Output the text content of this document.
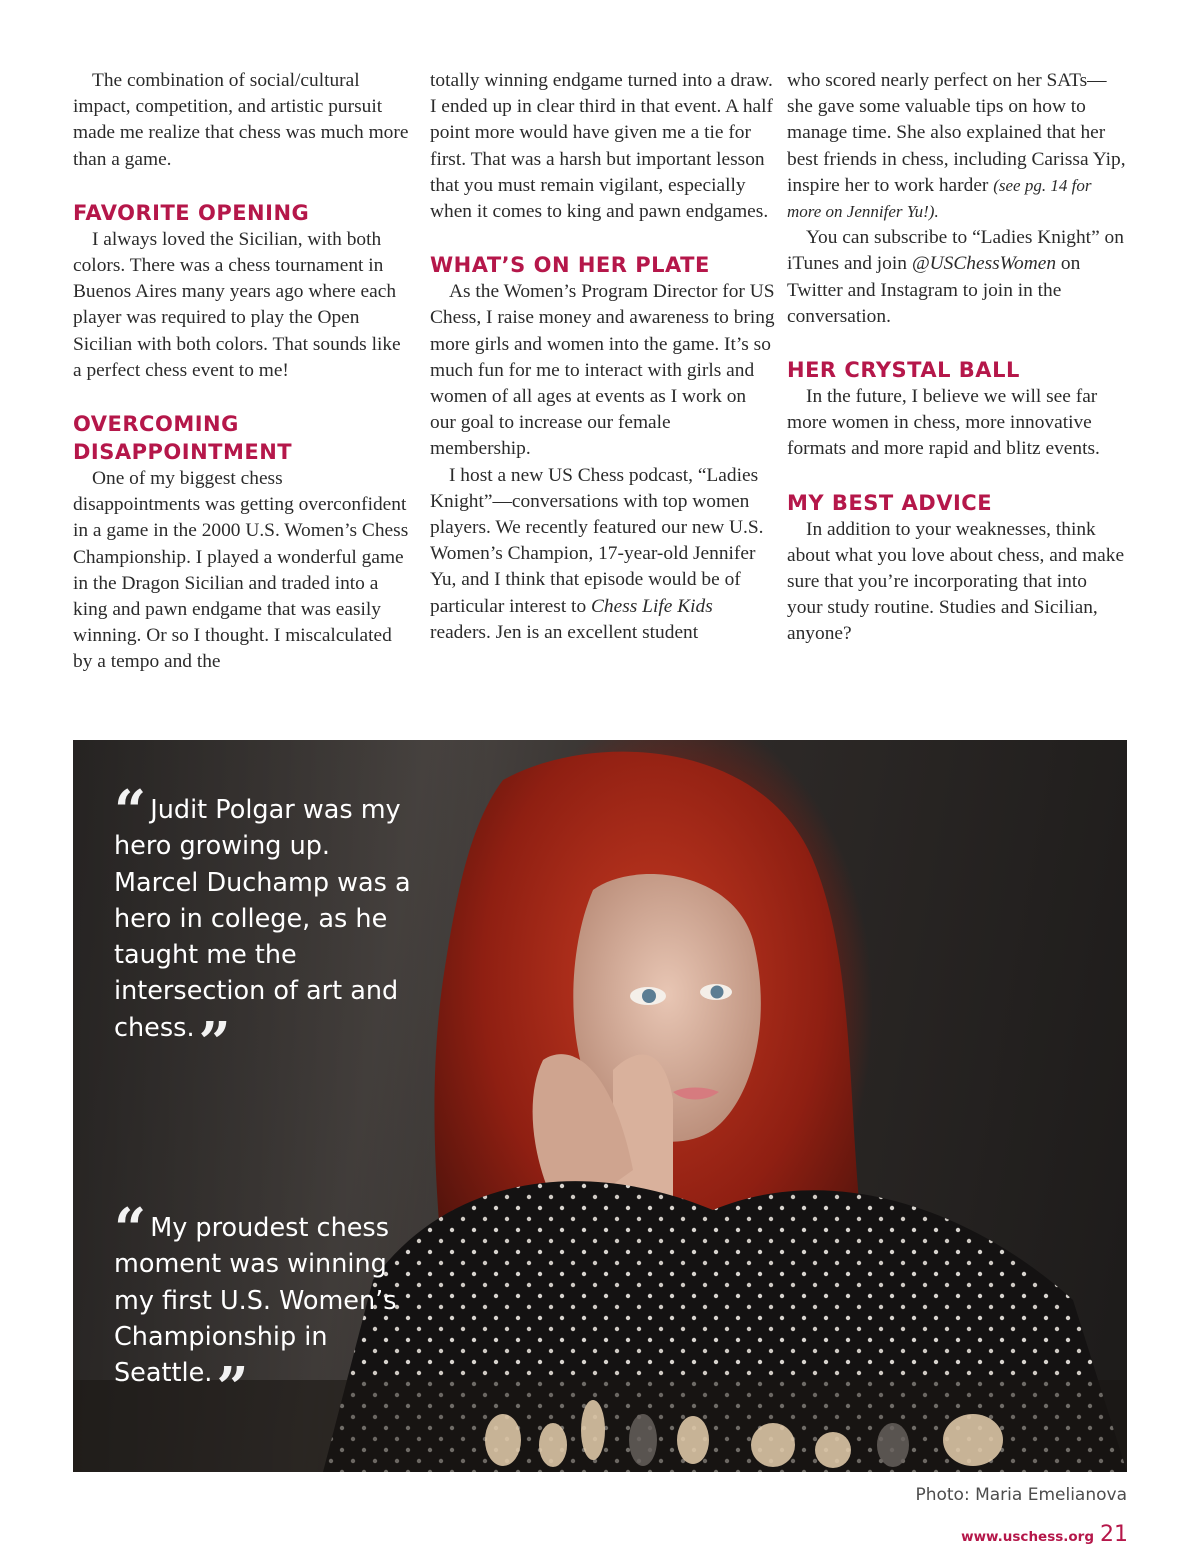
The combination of social/cultural impact, competition, and artistic pursuit made me realize that chess was much more than a game.

FAVORITE OPENING

I always loved the Sicilian, with both colors. There was a chess tournament in Buenos Aires many years ago where each player was required to play the Open Sicilian with both colors. That sounds like a perfect chess event to me!

OVERCOMING DISAPPOINTMENT

One of my biggest chess disappointments was getting overconfident in a game in the 2000 U.S. Women’s Chess Championship. I played a wonderful game in the Dragon Sicilian and traded into a king and pawn endgame that was easily winning. Or so I thought. I miscalculated by a tempo and the

totally winning endgame turned into a draw. I ended up in clear third in that event. A half point more would have given me a tie for first. That was a harsh but important lesson that you must remain vigilant, especially when it comes to king and pawn endgames.

WHAT’S ON HER PLATE

As the Women’s Program Director for US Chess, I raise money and awareness to bring more girls and women into the game. It’s so much fun for me to interact with girls and women of all ages at events as I work on our goal to increase our female membership.

I host a new US Chess podcast, “Ladies Knight”—conversations with top women players. We recently featured our new U.S. Women’s Champion, 17-year-old Jennifer Yu, and I think that episode would be of particular interest to Chess Life Kids readers. Jen is an excellent student

who scored nearly perfect on her SATs—she gave some valuable tips on how to manage time. She also explained that her best friends in chess, including Carissa Yip, inspire her to work harder (see pg. 14 for more on Jennifer Yu!).

You can subscribe to “Ladies Knight” on iTunes and join @USChessWomen on Twitter and Instagram to join in the conversation.

HER CRYSTAL BALL

In the future, I believe we will see far more women in chess, more innovative formats and more rapid and blitz events.

MY BEST ADVICE

In addition to your weaknesses, think about what you love about chess, and make sure that you’re incorporating that into your study routine. Studies and Sicilian, anyone?

“ Judit Polgar was my hero growing up. Marcel Duchamp was a hero in college, as he taught me the intersection of art and chess.”
“ My proudest chess moment was winning my first U.S. Women’s Championship in Seattle.”
Photo: Maria Emelianova
www.uschess.org 21
